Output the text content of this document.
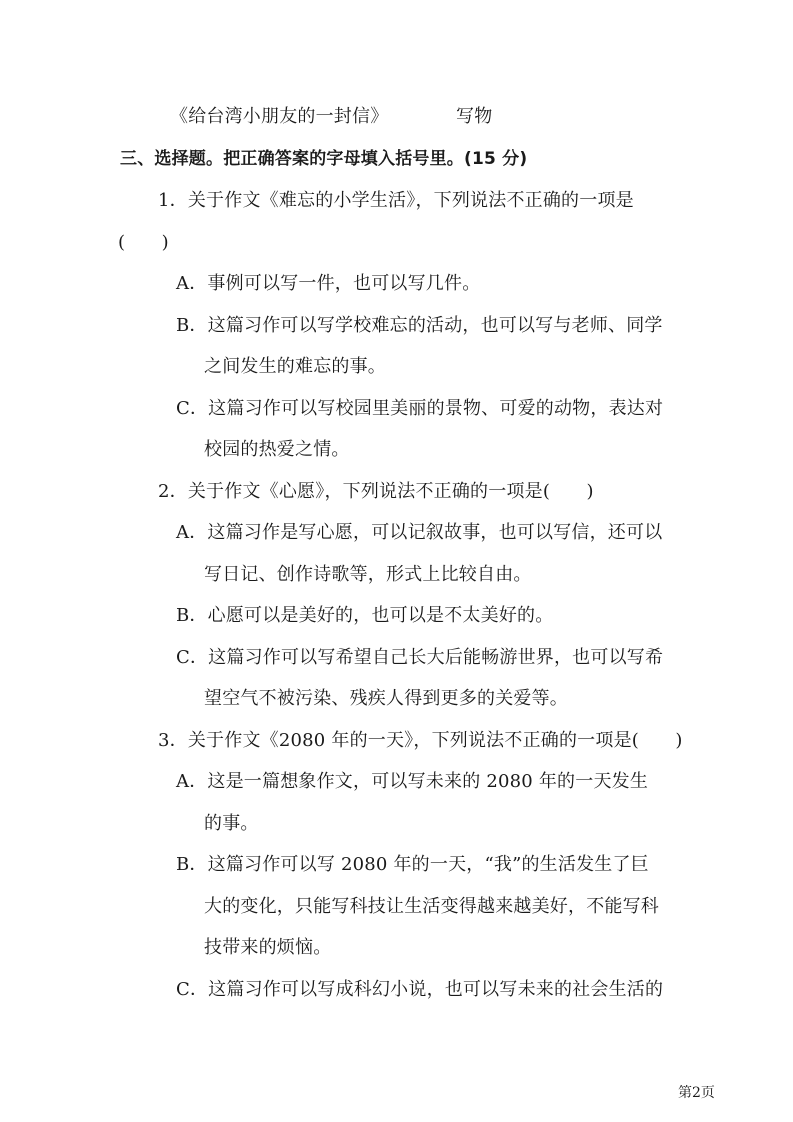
《给台湾小朋友的一封信》	写物
三、选择题。把正确答案的字母填入括号里。(15 分)
1．关于作文《难忘的小学生活》，下列说法不正确的一项是
(　　)
A．事例可以写一件，也可以写几件。
B．这篇习作可以写学校难忘的活动，也可以写与老师、同学
之间发生的难忘的事。
C．这篇习作可以写校园里美丽的景物、可爱的动物，表达对
校园的热爱之情。
2．关于作文《心愿》，下列说法不正确的一项是(　　)
A．这篇习作是写心愿，可以记叙故事，也可以写信，还可以
写日记、创作诗歌等，形式上比较自由。
B．心愿可以是美好的，也可以是不太美好的。
C．这篇习作可以写希望自己长大后能畅游世界，也可以写希
望空气不被污染、残疾人得到更多的关爱等。
3．关于作文《2080 年的一天》，下列说法不正确的一项是(　　)
A．这是一篇想象作文，可以写未来的 2080 年的一天发生
的事。
B．这篇习作可以写 2080 年的一天，“我”的生活发生了巨
大的变化，只能写科技让生活变得越来越美好，不能写科
技带来的烦恼。
C．这篇习作可以写成科幻小说，也可以写未来的社会生活的
第2页
